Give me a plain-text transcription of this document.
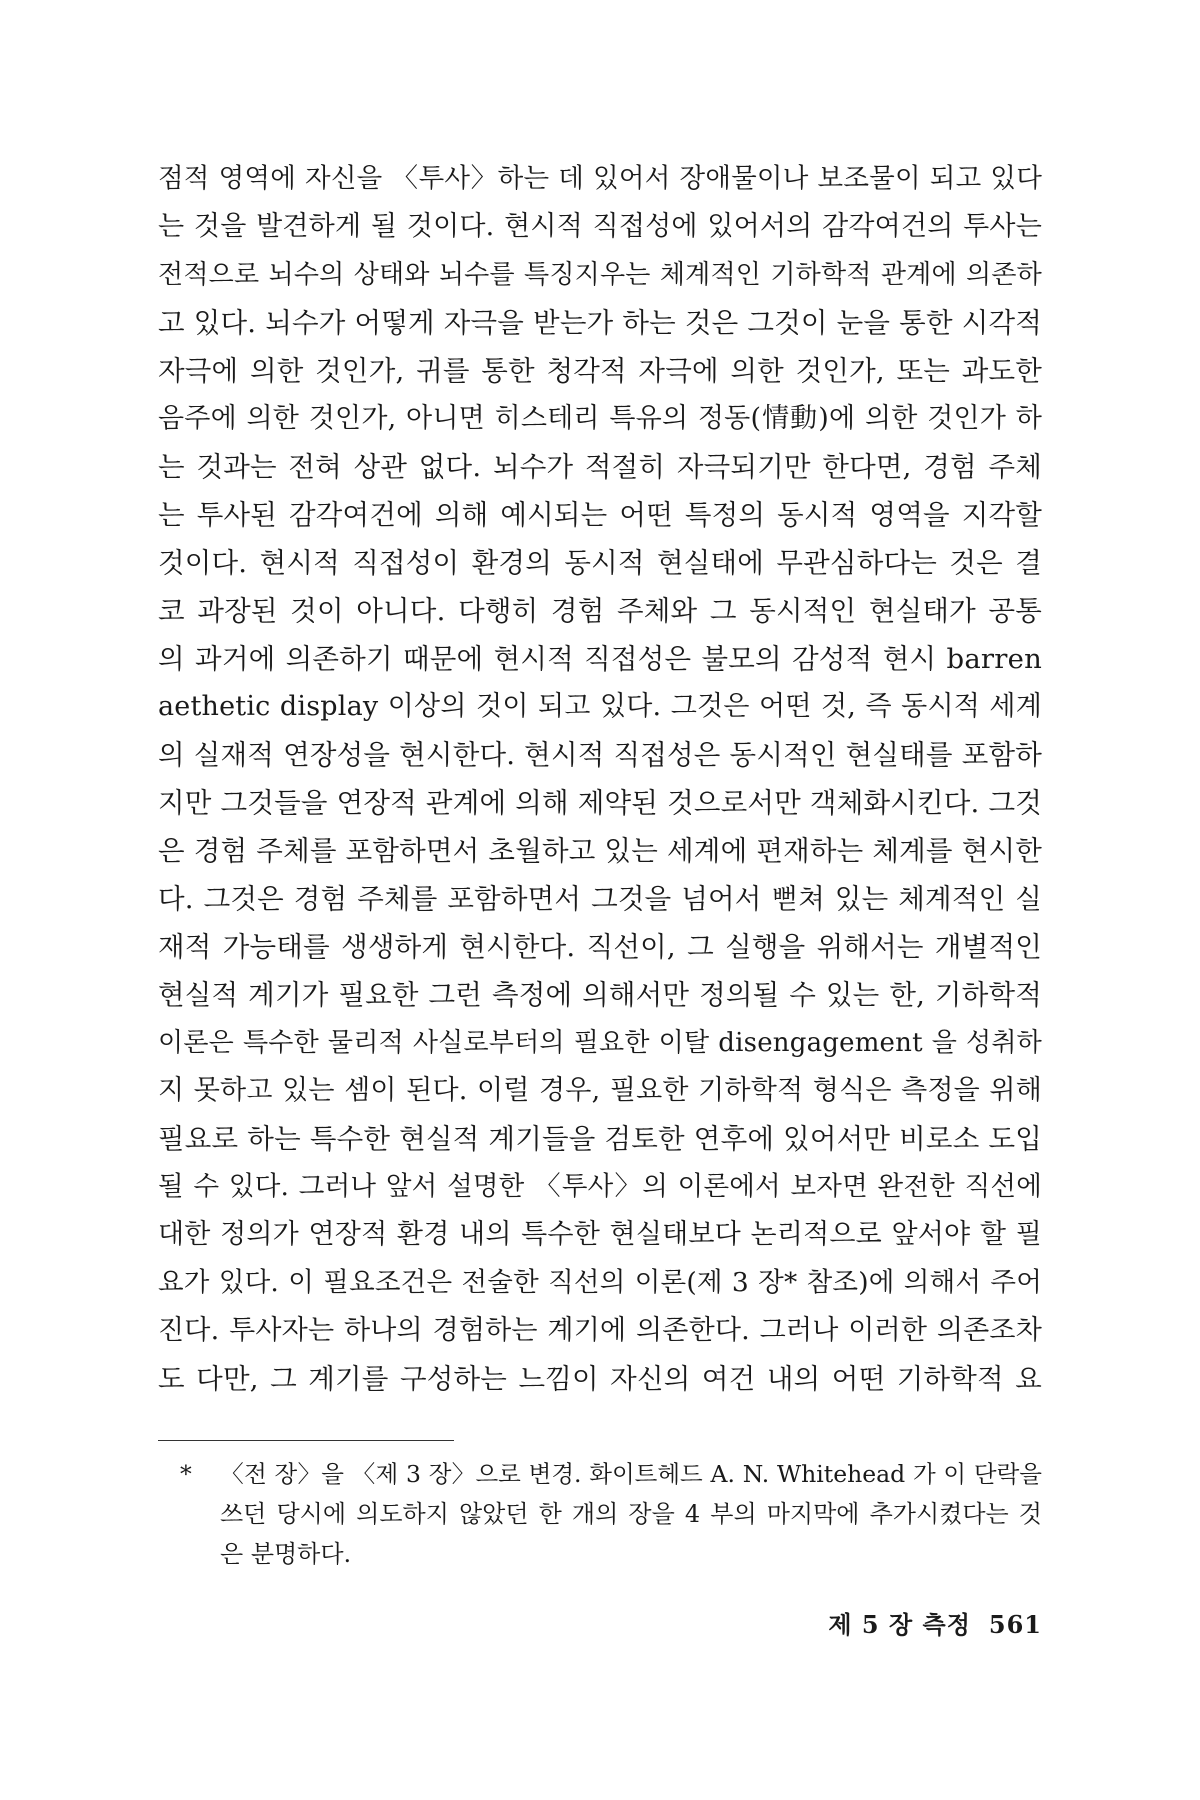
점적 영역에 자신을 〈투사〉하는 데 있어서 장애물이나 보조물이 되고 있다
는 것을 발견하게 될 것이다. 현시적 직접성에 있어서의 감각여건의 투사는
전적으로 뇌수의 상태와 뇌수를 특징지우는 체계적인 기하학적 관계에 의존하
고 있다. 뇌수가 어떻게 자극을 받는가 하는 것은 그것이 눈을 통한 시각적
자극에 의한 것인가, 귀를 통한 청각적 자극에 의한 것인가, 또는 과도한
음주에 의한 것인가, 아니면 히스테리 특유의 정동(情動)에 의한 것인가 하
는 것과는 전혀 상관 없다. 뇌수가 적절히 자극되기만 한다면, 경험 주체
는 투사된 감각여건에 의해 예시되는 어떤 특정의 동시적 영역을 지각할
것이다. 현시적 직접성이 환경의 동시적 현실태에 무관심하다는 것은 결
코 과장된 것이 아니다. 다행히 경험 주체와 그 동시적인 현실태가 공통
의 과거에 의존하기 때문에 현시적 직접성은 불모의 감성적 현시 barren
aethetic display 이상의 것이 되고 있다. 그것은 어떤 것, 즉 동시적 세계
의 실재적 연장성을 현시한다. 현시적 직접성은 동시적인 현실태를 포함하
지만 그것들을 연장적 관계에 의해 제약된 것으로서만 객체화시킨다. 그것
은 경험 주체를 포함하면서 초월하고 있는 세계에 편재하는 체계를 현시한
다. 그것은 경험 주체를 포함하면서 그것을 넘어서 뻗쳐 있는 체계적인 실
재적 가능태를 생생하게 현시한다. 직선이, 그 실행을 위해서는 개별적인
현실적 계기가 필요한 그런 측정에 의해서만 정의될 수 있는 한, 기하학적
이론은 특수한 물리적 사실로부터의 필요한 이탈 disengagement 을 성취하
지 못하고 있는 셈이 된다. 이럴 경우, 필요한 기하학적 형식은 측정을 위해
필요로 하는 특수한 현실적 계기들을 검토한 연후에 있어서만 비로소 도입
될 수 있다. 그러나 앞서 설명한 〈투사〉의 이론에서 보자면 완전한 직선에
대한 정의가 연장적 환경 내의 특수한 현실태보다 논리적으로 앞서야 할 필
요가 있다. 이 필요조건은 전술한 직선의 이론(제 3 장* 참조)에 의해서 주어
진다. 투사자는 하나의 경험하는 계기에 의존한다. 그러나 이러한 의존조차
도 다만, 그 계기를 구성하는 느낌이 자신의 여건 내의 어떤 기하학적 요
* 〈전 장〉을 〈제 3 장〉으로 변경. 화이트헤드 A. N. Whitehead 가 이 단락을
쓰던 당시에 의도하지 않았던 한 개의 장을 4 부의 마지막에 추가시켰다는 것
은 분명하다.
제 5 장 측정 561
